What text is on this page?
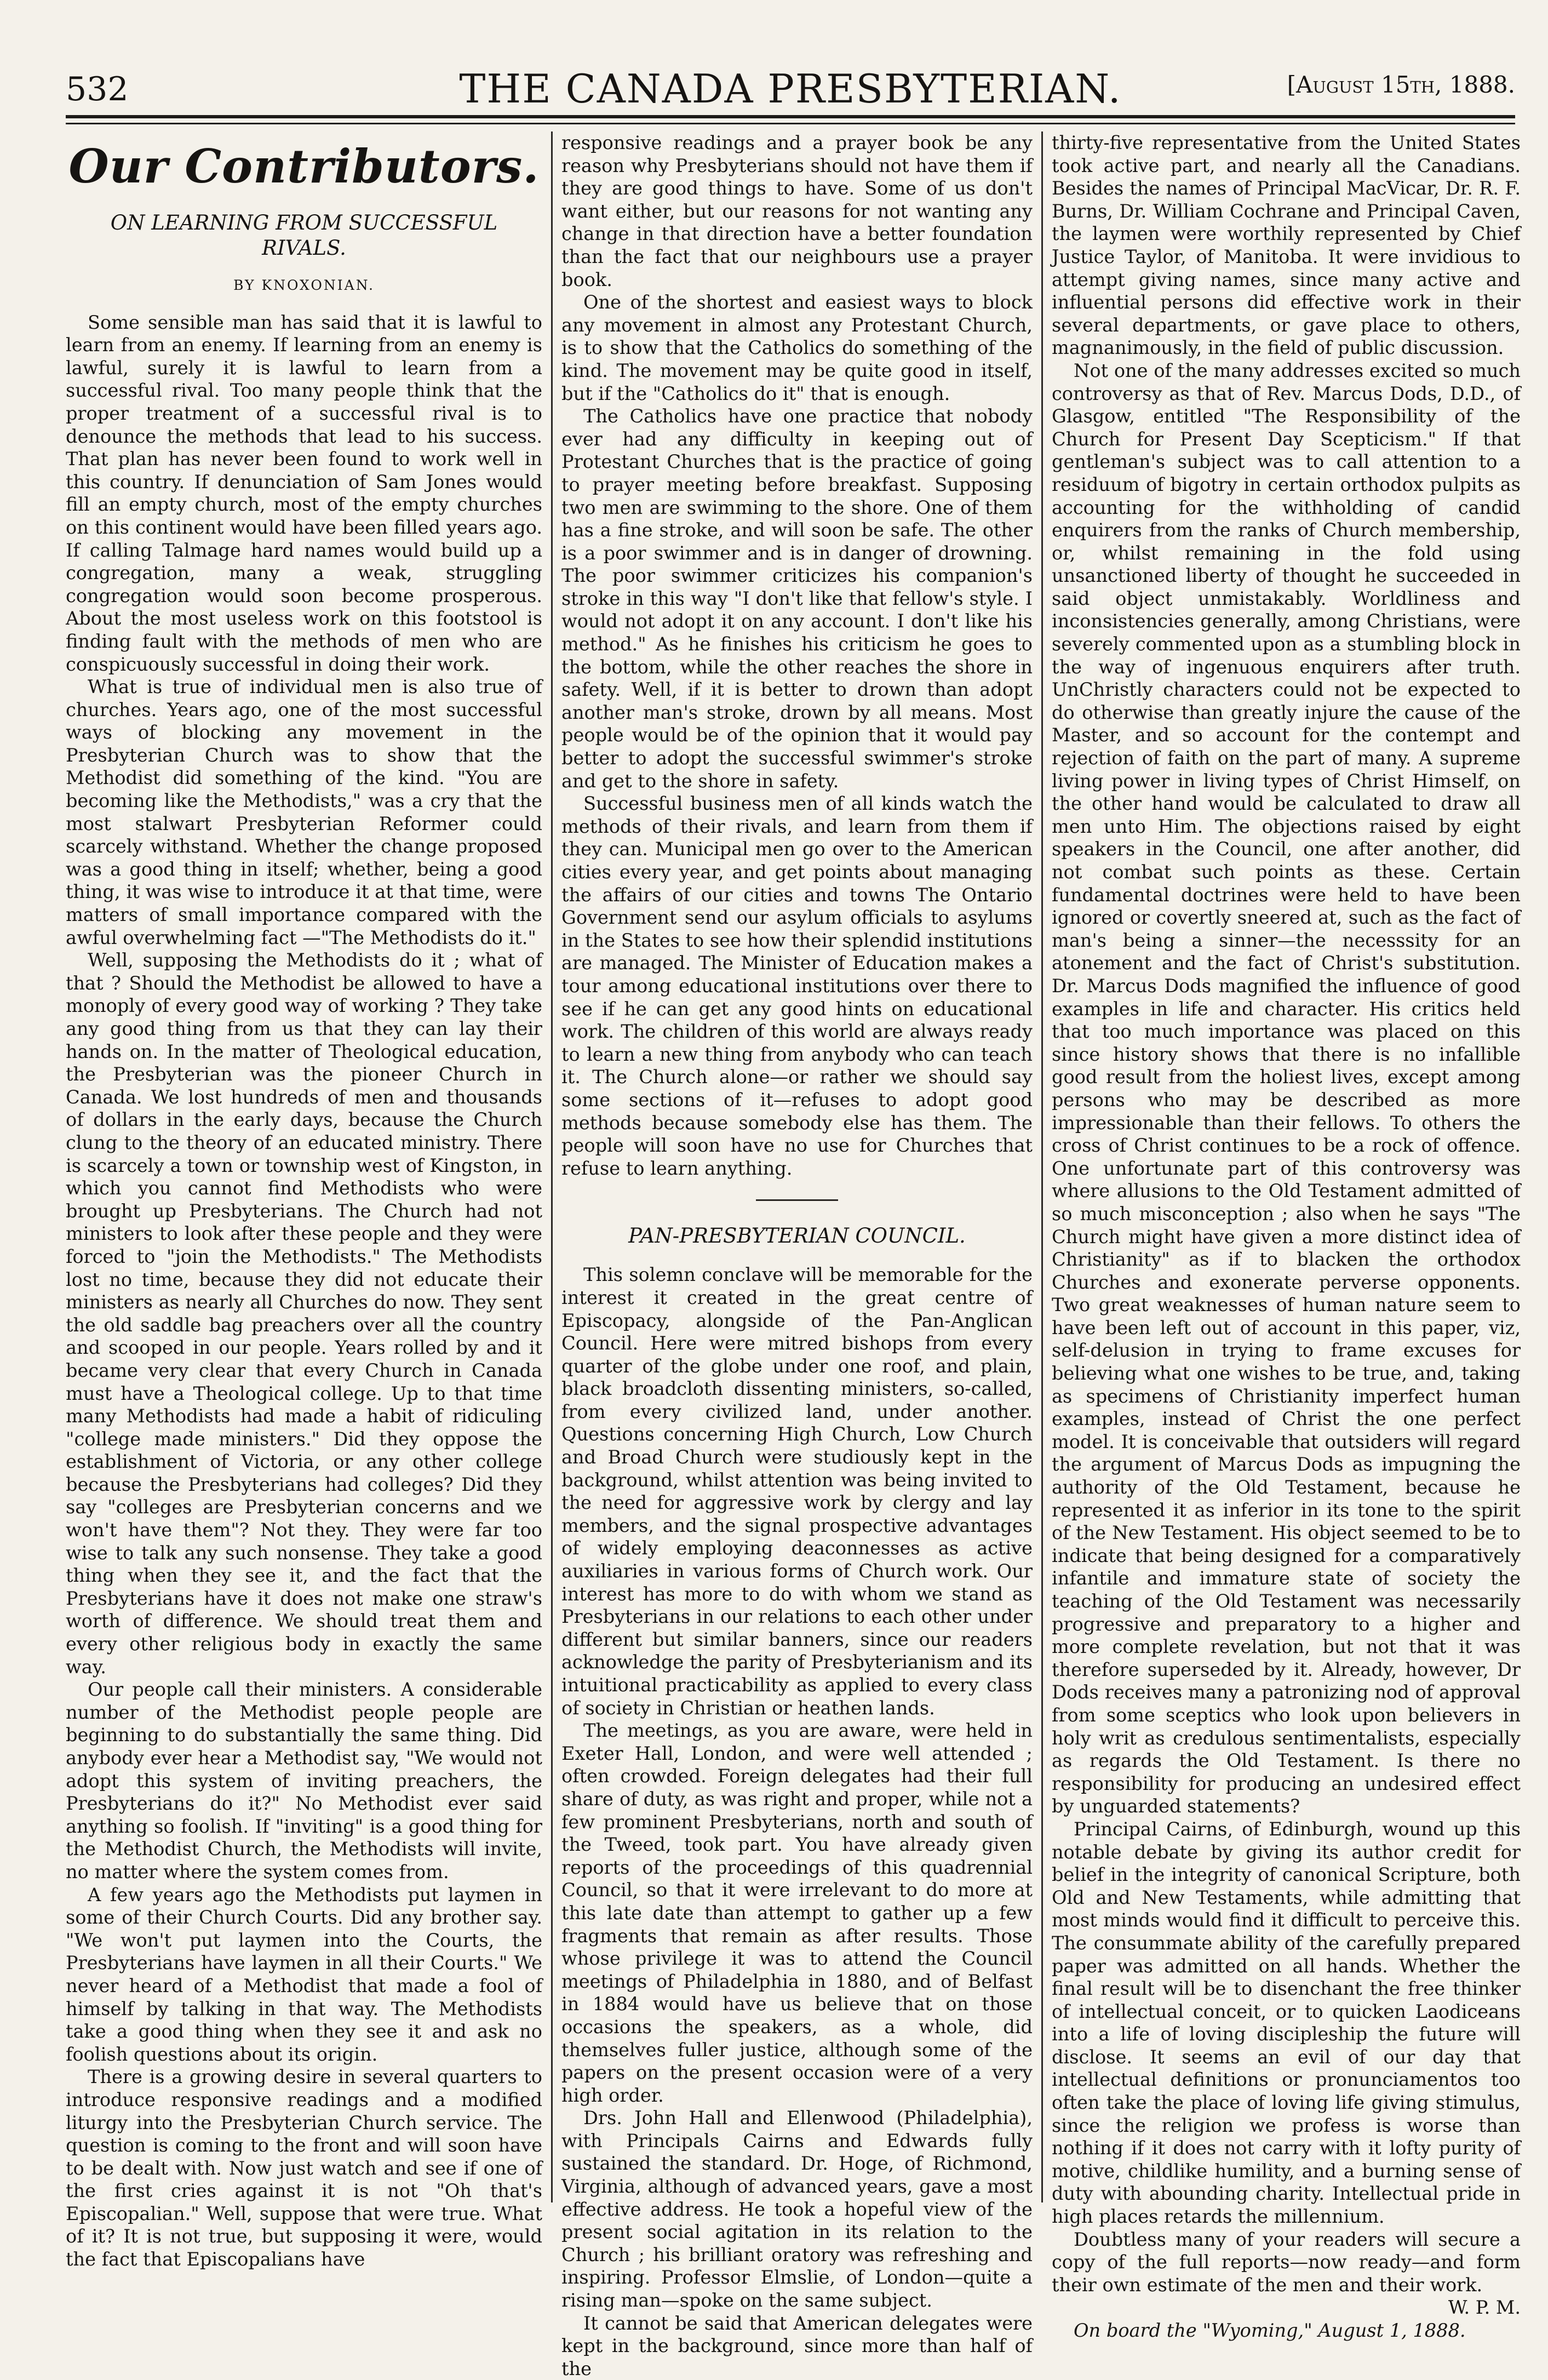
532	THE CANADA PRESBYTERIAN.	[August 15th, 1888.
Our Contributors.
ON LEARNING FROM SUCCESSFUL RIVALS.
BY KNOXONIAN.

Some sensible man has said that it is lawful to learn from an enemy. If learning from an enemy is lawful, surely it is lawful to learn from a successful rival. Too many people think that the proper treatment of a successful rival is to denounce the methods that lead to his success. That plan has never been found to work well in this country. If denunciation of Sam Jones would fill an empty church, most of the empty churches on this continent would have been filled years ago. If calling Talmage hard names would build up a congregation, many a weak, struggling congregation would soon become prosperous. About the most useless work on this footstool is finding fault with the methods of men who are conspicuously successful in doing their work.

What is true of individual men is also true of churches. Years ago, one of the most successful ways of blocking any movement in the Presbyterian Church was to show that the Methodist did something of the kind. "You are becoming like the Methodists," was a cry that the most stalwart Presbyterian Reformer could scarcely withstand. Whether the change proposed was a good thing in itself; whether, being a good thing, it was wise to introduce it at that time, were matters of small importance compared with the awful overwhelming fact —"The Methodists do it."

Well, supposing the Methodists do it ; what of that ? Should the Methodist be allowed to have a monoply of every good way of working ? They take any good thing from us that they can lay their hands on. In the matter of Theological education, the Presbyterian was the pioneer Church in Canada. We lost hundreds of men and thousands of dollars in the early days, because the Church clung to the theory of an educated ministry. There is scarcely a town or township west of Kingston, in which you cannot find Methodists who were brought up Presbyterians. The Church had not ministers to look after these people and they were forced to "join the Methodists." The Methodists lost no time, because they did not educate their ministers as nearly all Churches do now. They sent the old saddle bag preachers over all the country and scooped in our people. Years rolled by and it became very clear that every Church in Canada must have a Theological college. Up to that time many Methodists had made a habit of ridiculing "college made ministers." Did they oppose the establishment of Victoria, or any other college because the Presbyterians had colleges? Did they say "colleges are Presbyterian concerns and we won't have them"? Not they. They were far too wise to talk any such nonsense. They take a good thing when they see it, and the fact that the Presbyterians have it does not make one straw's worth of difference. We should treat them and every other religious body in exactly the same way.

Our people call their ministers. A considerable number of the Methodist people people are beginning to do substantially the same thing. Did anybody ever hear a Methodist say, "We would not adopt this system of inviting preachers, the Presbyterians do it?" No Methodist ever said anything so foolish. If "inviting" is a good thing for the Methodist Church, the Methodists will invite, no matter where the system comes from.

A few years ago the Methodists put laymen in some of their Church Courts. Did any brother say. "We won't put laymen into the Courts, the Presbyterians have laymen in all their Courts." We never heard of a Methodist that made a fool of himself by talking in that way. The Methodists take a good thing when they see it and ask no foolish questions about its origin.

There is a growing desire in several quarters to introduce responsive readings and a modified liturgy into the Presbyterian Church service. The question is coming to the front and will soon have to be dealt with. Now just watch and see if one of the first cries against it is not "Oh that's Episcopalian." Well, suppose that were true. What of it? It is not true, but supposing it were, would the fact that Episcopalians have

responsive readings and a prayer book be any reason why Presbyterians should not have them if they are good things to have. Some of us don't want either, but our reasons for not wanting any change in that direction have a better foundation than the fact that our neighbours use a prayer book.

One of the shortest and easiest ways to block any movement in almost any Protestant Church, is to show that the Catholics do something of the kind. The movement may be quite good in itself, but if the "Catholics do it" that is enough.

The Catholics have one practice that nobody ever had any difficulty in keeping out of Protestant Churches that is the practice of going to prayer meeting before breakfast. Supposing two men are swimming to the shore. One of them has a fine stroke, and will soon be safe. The other is a poor swimmer and is in danger of drowning. The poor swimmer criticizes his companion's stroke in this way "I don't like that fellow's style. I would not adopt it on any account. I don't like his method." As he finishes his criticism he goes to the bottom, while the other reaches the shore in safety. Well, if it is better to drown than adopt another man's stroke, drown by all means. Most people would be of the opinion that it would pay better to adopt the successful swimmer's stroke and get to the shore in safety.

Successful business men of all kinds watch the methods of their rivals, and learn from them if they can. Municipal men go over to the American cities every year, and get points about managing the affairs of our cities and towns The Ontario Government send our asylum officials to asylums in the States to see how their splendid institutions are managed. The Minister of Education makes a tour among educational institutions over there to see if he can get any good hints on educational work. The children of this world are always ready to learn a new thing from anybody who can teach it. The Church alone—or rather we should say some sections of it—refuses to adopt good methods because somebody else has them. The people will soon have no use for Churches that refuse to learn anything.

PAN-PRESBYTERIAN COUNCIL.

This solemn conclave will be memorable for the interest it created in the great centre of Episcopacy, alongside of the Pan-Anglican Council. Here were mitred bishops from every quarter of the globe under one roof, and plain, black broadcloth dissenting ministers, so-called, from every civilized land, under another. Questions concerning High Church, Low Church and Broad Church were studiously kept in the background, whilst attention was being invited to the need for aggressive work by clergy and lay members, and the signal prospective advantages of widely employing deaconnesses as active auxiliaries in various forms of Church work. Our interest has more to do with whom we stand as Presbyterians in our relations to each other under different but similar banners, since our readers acknowledge the parity of Presbyterianism and its intuitional practicability as applied to every class of society in Christian or heathen lands.

The meetings, as you are aware, were held in Exeter Hall, London, and were well attended ; often crowded. Foreign delegates had their full share of duty, as was right and proper, while not a few prominent Presbyterians, north and south of the Tweed, took part. You have already given reports of the proceedings of this quadrennial Council, so that it were irrelevant to do more at this late date than attempt to gather up a few fragments that remain as after results. Those whose privilege it was to attend the Council meetings of Philadelphia in 1880, and of Belfast in 1884 would have us believe that on those occasions the speakers, as a whole, did themselves fuller justice, although some of the papers on the present occasion were of a very high order.

Drs. John Hall and Ellenwood (Philadelphia), with Principals Cairns and Edwards fully sustained the standard. Dr. Hoge, of Richmond, Virginia, although of advanced years, gave a most effective address. He took a hopeful view of the present social agitation in its relation to the Church ; his brilliant oratory was refreshing and inspiring. Professor Elmslie, of London—quite a rising man—spoke on the same subject.

It cannot be said that American delegates were kept in the background, since more than half of the

thirty-five representative from the United States took active part, and nearly all the Canadians. Besides the names of Principal MacVicar, Dr. R. F. Burns, Dr. William Cochrane and Principal Caven, the laymen were worthily represented by Chief Justice Taylor, of Manitoba. It were invidious to attempt giving names, since many active and influential persons did effective work in their several departments, or gave place to others, magnanimously, in the field of public discussion.

Not one of the many addresses excited so much controversy as that of Rev. Marcus Dods, D.D., of Glasgow, entitled "The Responsibility of the Church for Present Day Scepticism." If that gentleman's subject was to call attention to a residuum of bigotry in certain orthodox pulpits as accounting for the withholding of candid enquirers from the ranks of Church membership, or, whilst remaining in the fold using unsanctioned liberty of thought he succeeded in said object unmistakably. Worldliness and inconsistencies generally, among Christians, were severely commented upon as a stumbling block in the way of ingenuous enquirers after truth. UnChristly characters could not be expected to do otherwise than greatly injure the cause of the Master, and so account for the contempt and rejection of faith on the part of many. A supreme living power in living types of Christ Himself, on the other hand would be calculated to draw all men unto Him. The objections raised by eight speakers in the Council, one after another, did not combat such points as these. Certain fundamental doctrines were held to have been ignored or covertly sneered at, such as the fact of man's being a sinner—the necesssity for an atonement and the fact of Christ's substitution. Dr. Marcus Dods magnified the influence of good examples in life and character. His critics held that too much importance was placed on this since history shows that there is no infallible good result from the holiest lives, except among persons who may be described as more impressionable than their fellows. To others the cross of Christ continues to be a rock of offence. One unfortunate part of this controversy was where allusions to the Old Testament admitted of so much misconception ; also when he says "The Church might have given a more distinct idea of Christianity" as if to blacken the orthodox Churches and exonerate perverse opponents. Two great weaknesses of human nature seem to have been left out of account in this paper, viz, self-delusion in trying to frame excuses for believing what one wishes to be true, and, taking as specimens of Christianity imperfect human examples, instead of Christ the one perfect model. It is conceivable that outsiders will regard the argument of Marcus Dods as impugning the authority of the Old Testament, because he represented it as inferior in its tone to the spirit of the New Testament. His object seemed to be to indicate that being designed for a comparatively infantile and immature state of society the teaching of the Old Testament was necessarily progressive and preparatory to a higher and more complete revelation, but not that it was therefore superseded by it. Already, however, Dr Dods receives many a patronizing nod of approval from some sceptics who look upon believers in holy writ as credulous sentimentalists, especially as regards the Old Testament. Is there no responsibility for producing an undesired effect by unguarded statements?

Principal Cairns, of Edinburgh, wound up this notable debate by giving its author credit for belief in the integrity of canonical Scripture, both Old and New Testaments, while admitting that most minds would find it difficult to perceive this. The consummate ability of the carefully prepared paper was admitted on all hands. Whether the final result will be to disenchant the free thinker of intellectual conceit, or to quicken Laodiceans into a life of loving discipleship the future will disclose. It seems an evil of our day that intellectual definitions or pronunciamentos too often take the place of loving life giving stimulus, since the religion we profess is worse than nothing if it does not carry with it lofty purity of motive, childlike humility, and a burning sense of duty with abounding charity. Intellectual pride in high places retards the millennium.

Doubtless many of your readers will secure a copy of the full reports—now ready—and form their own estimate of the men and their work.

W. P. M.

On board the "Wyoming," August 1, 1888.
